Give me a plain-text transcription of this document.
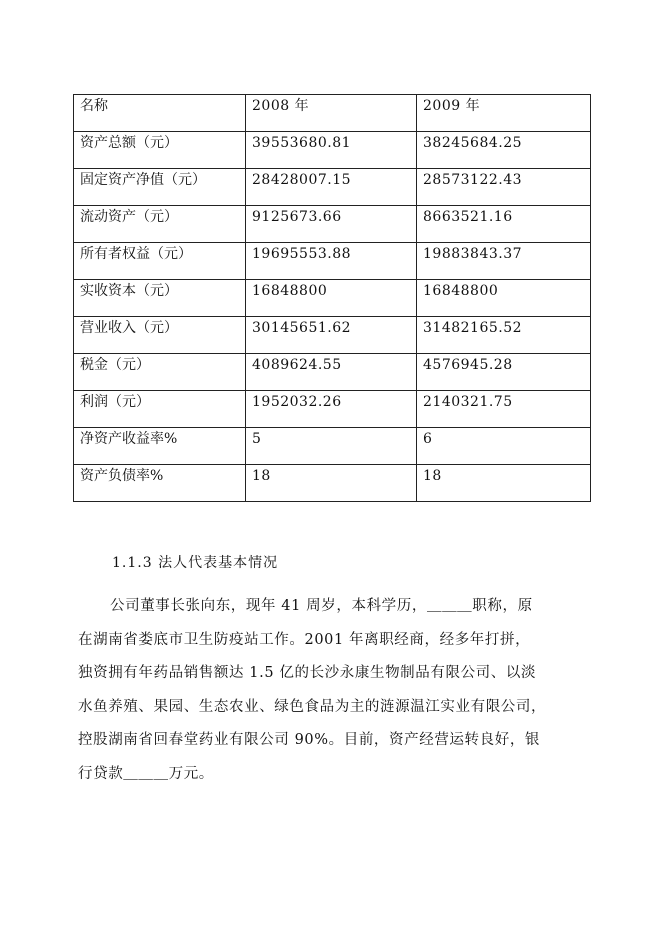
名称	2008 年	2009 年
资产总额（元）	39553680.81	38245684.25
固定资产净值（元）	28428007.15	28573122.43
流动资产（元）	9125673.66	8663521.16
所有者权益（元）	19695553.88	19883843.37
实收资本（元）	16848800	16848800
营业收入（元）	30145651.62	31482165.52
税金（元）	4089624.55	4576945.28
利润（元）	1952032.26	2140321.75
净资产收益率%	5	6
资产负债率%	18	18
1.1.3 法人代表基本情况
公司董事长张向东，现年 41 周岁，本科学历，＿＿＿职称，原
在湖南省娄底市卫生防疫站工作。2001 年离职经商，经多年打拼，
独资拥有年药品销售额达 1.5 亿的长沙永康生物制品有限公司、以淡
水鱼养殖、果园、生态农业、绿色食品为主的涟源温江实业有限公司，
控股湖南省回春堂药业有限公司 90%。目前，资产经营运转良好，银
行贷款＿＿＿万元。
